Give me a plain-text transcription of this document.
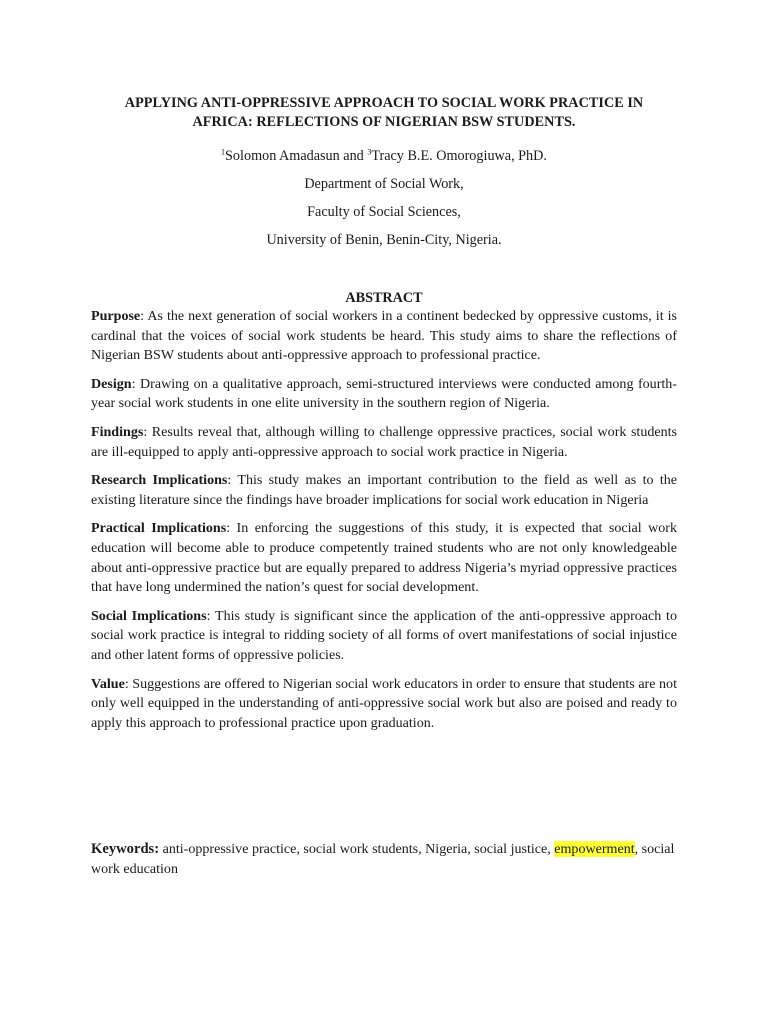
APPLYING ANTI-OPPRESSIVE APPROACH TO SOCIAL WORK PRACTICE IN
AFRICA: REFLECTIONS OF NIGERIAN BSW STUDENTS.
$^1$Solomon Amadasun and $^3$Tracy B.E. Omorogiuwa, PhD.
Department of Social Work,
Faculty of Social Sciences,
University of Benin, Benin-City, Nigeria.
ABSTRACT

Purpose: As the next generation of social workers in a continent bedecked by oppressive customs, it is cardinal that the voices of social work students be heard. This study aims to share the reflections of Nigerian BSW students about anti-oppressive approach to professional practice.

Design: Drawing on a qualitative approach, semi-structured interviews were conducted among fourth-year social work students in one elite university in the southern region of Nigeria.

Findings: Results reveal that, although willing to challenge oppressive practices, social work students are ill-equipped to apply anti-oppressive approach to social work practice in Nigeria.

Research Implications: This study makes an important contribution to the field as well as to the existing literature since the findings have broader implications for social work education in Nigeria

Practical Implications: In enforcing the suggestions of this study, it is expected that social work education will become able to produce competently trained students who are not only knowledgeable about anti-oppressive practice but are equally prepared to address Nigeria’s myriad oppressive practices that have long undermined the nation’s quest for social development.

Social Implications: This study is significant since the application of the anti-oppressive approach to social work practice is integral to ridding society of all forms of overt manifestations of social injustice and other latent forms of oppressive policies.

Value: Suggestions are offered to Nigerian social work educators in order to ensure that students are not only well equipped in the understanding of anti-oppressive social work but also are poised and ready to apply this approach to professional practice upon graduation.

Keywords: anti-oppressive practice, social work students, Nigeria, social justice, empowerment, social work education
